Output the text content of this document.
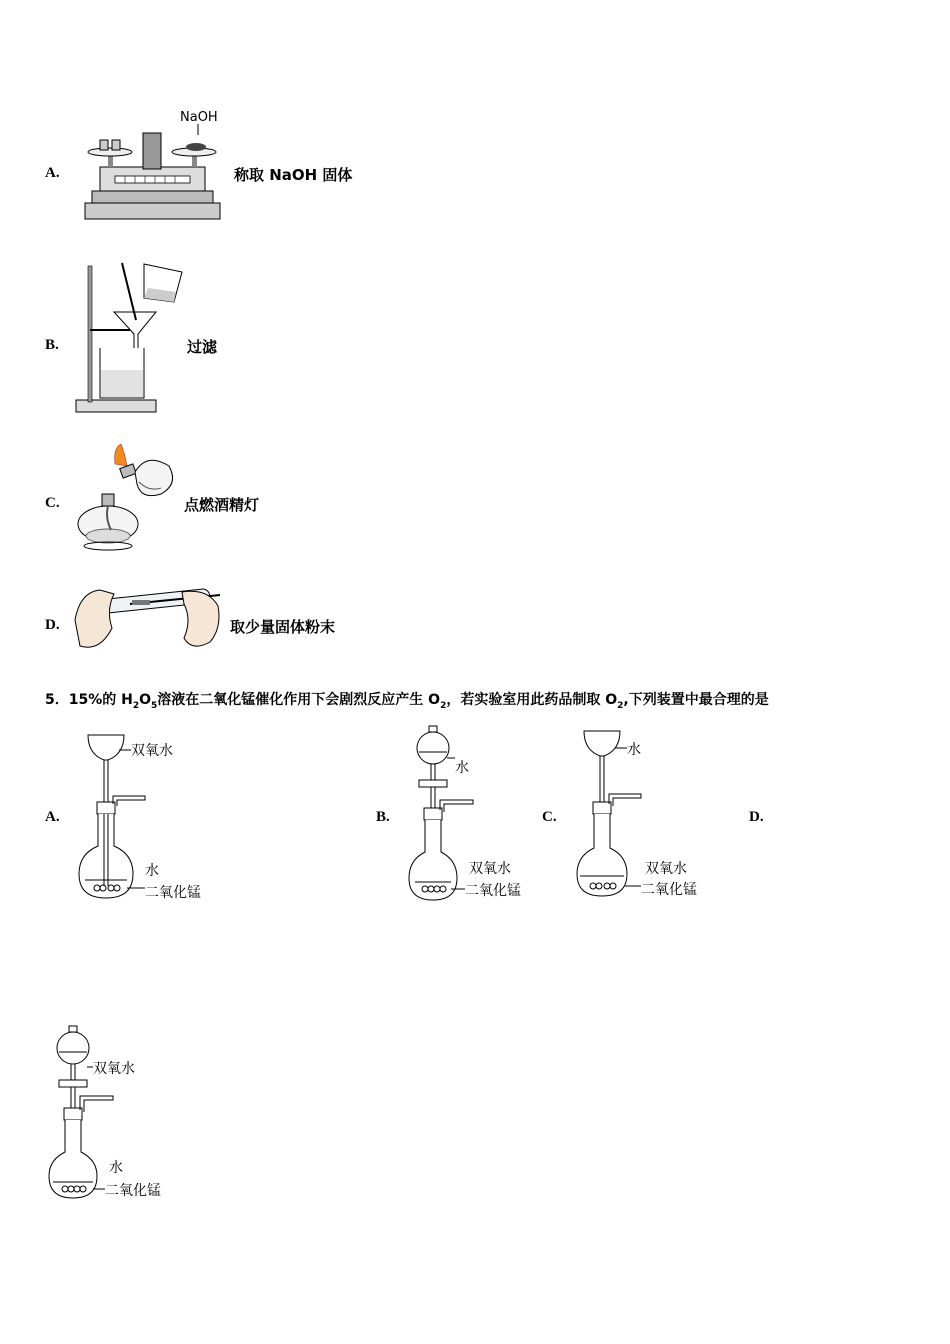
A.
NaOH
称取 NaOH 固体
B.	过滤
C.	点燃酒精灯
D.	取少量固体粉末
5．15%的 $H_2O_5$溶液在二氧化锰催化作用下会剧烈反应产生 $O_2$，若实验室用此药品制取 $O_2$,下列装置中最合理的是
A.	B.	C.	D.
双氧水
水
二氧化锰
水
双氧水
二氧化锰
水
双氧水
二氧化锰
双氧水
水
二氧化锰
